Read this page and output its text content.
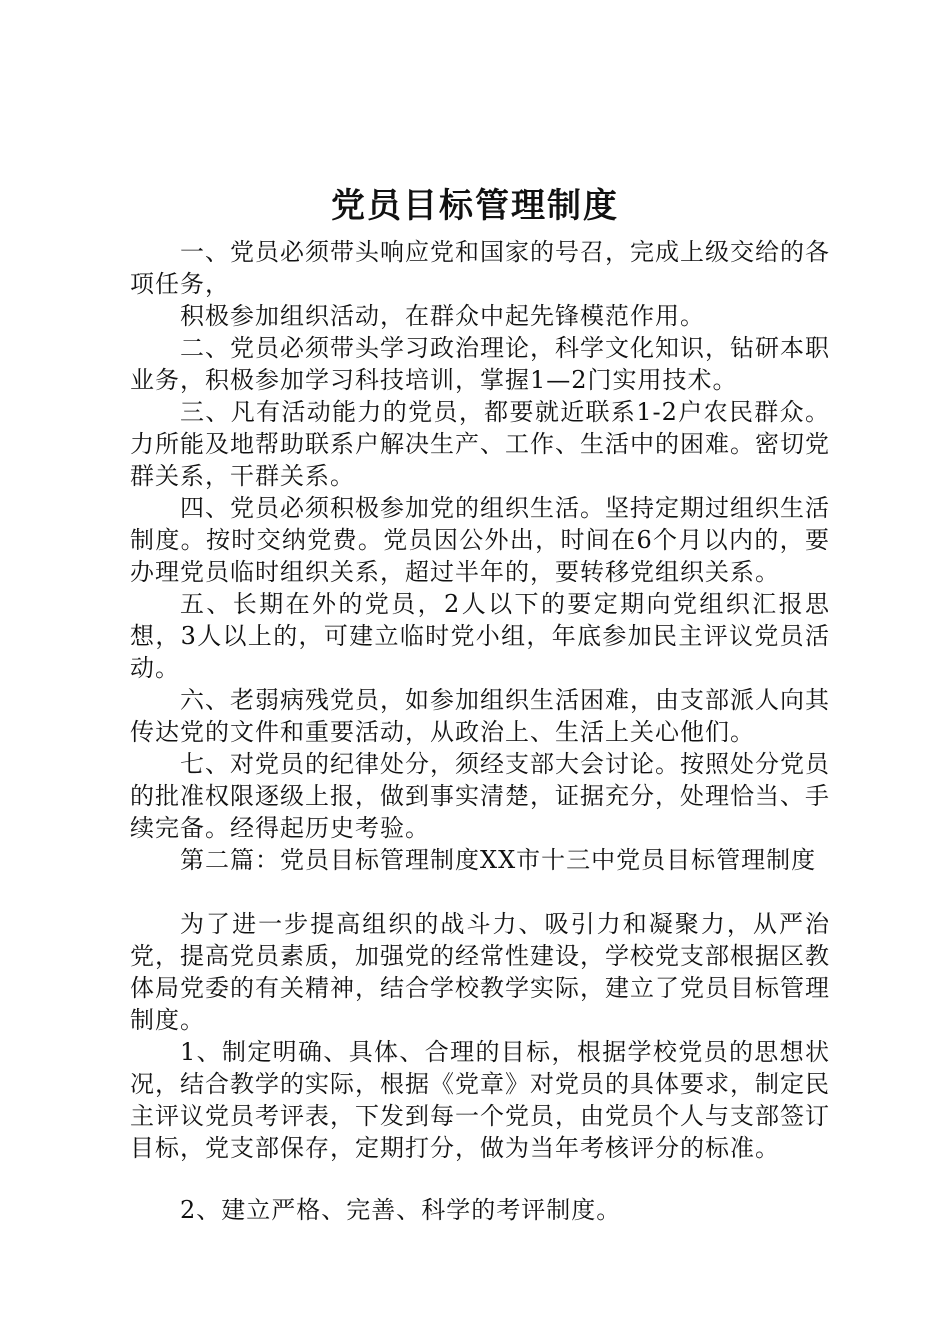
党员目标管理制度

一、党员必须带头响应党和国家的号召，完成上级交给的各项任务，

积极参加组织活动，在群众中起先锋模范作用。

二、党员必须带头学习政治理论，科学文化知识，钻研本职业务，积极参加学习科技培训，掌握1—2门实用技术。

三、凡有活动能力的党员，都要就近联系1-2户农民群众。力所能及地帮助联系户解决生产、工作、生活中的困难。密切党群关系，干群关系。

四、党员必须积极参加党的组织生活。坚持定期过组织生活制度。按时交纳党费。党员因公外出，时间在6个月以内的，要办理党员临时组织关系，超过半年的，要转移党组织关系。

五、长期在外的党员，2人以下的要定期向党组织汇报思想，3人以上的，可建立临时党小组，年底参加民主评议党员活动。

六、老弱病残党员，如参加组织生活困难，由支部派人向其传达党的文件和重要活动，从政治上、生活上关心他们。

七、对党员的纪律处分，须经支部大会讨论。按照处分党员的批准权限逐级上报，做到事实清楚，证据充分，处理恰当、手续完备。经得起历史考验。

第二篇：党员目标管理制度XX市十三中党员目标管理制度

为了进一步提高组织的战斗力、吸引力和凝聚力，从严治党，提高党员素质，加强党的经常性建设，学校党支部根据区教体局党委的有关精神，结合学校教学实际，建立了党员目标管理制度。

1、制定明确、具体、合理的目标，根据学校党员的思想状况，结合教学的实际，根据《党章》对党员的具体要求，制定民主评议党员考评表，下发到每一个党员，由党员个人与支部签订目标，党支部保存，定期打分，做为当年考核评分的标准。

2、建立严格、完善、科学的考评制度。
